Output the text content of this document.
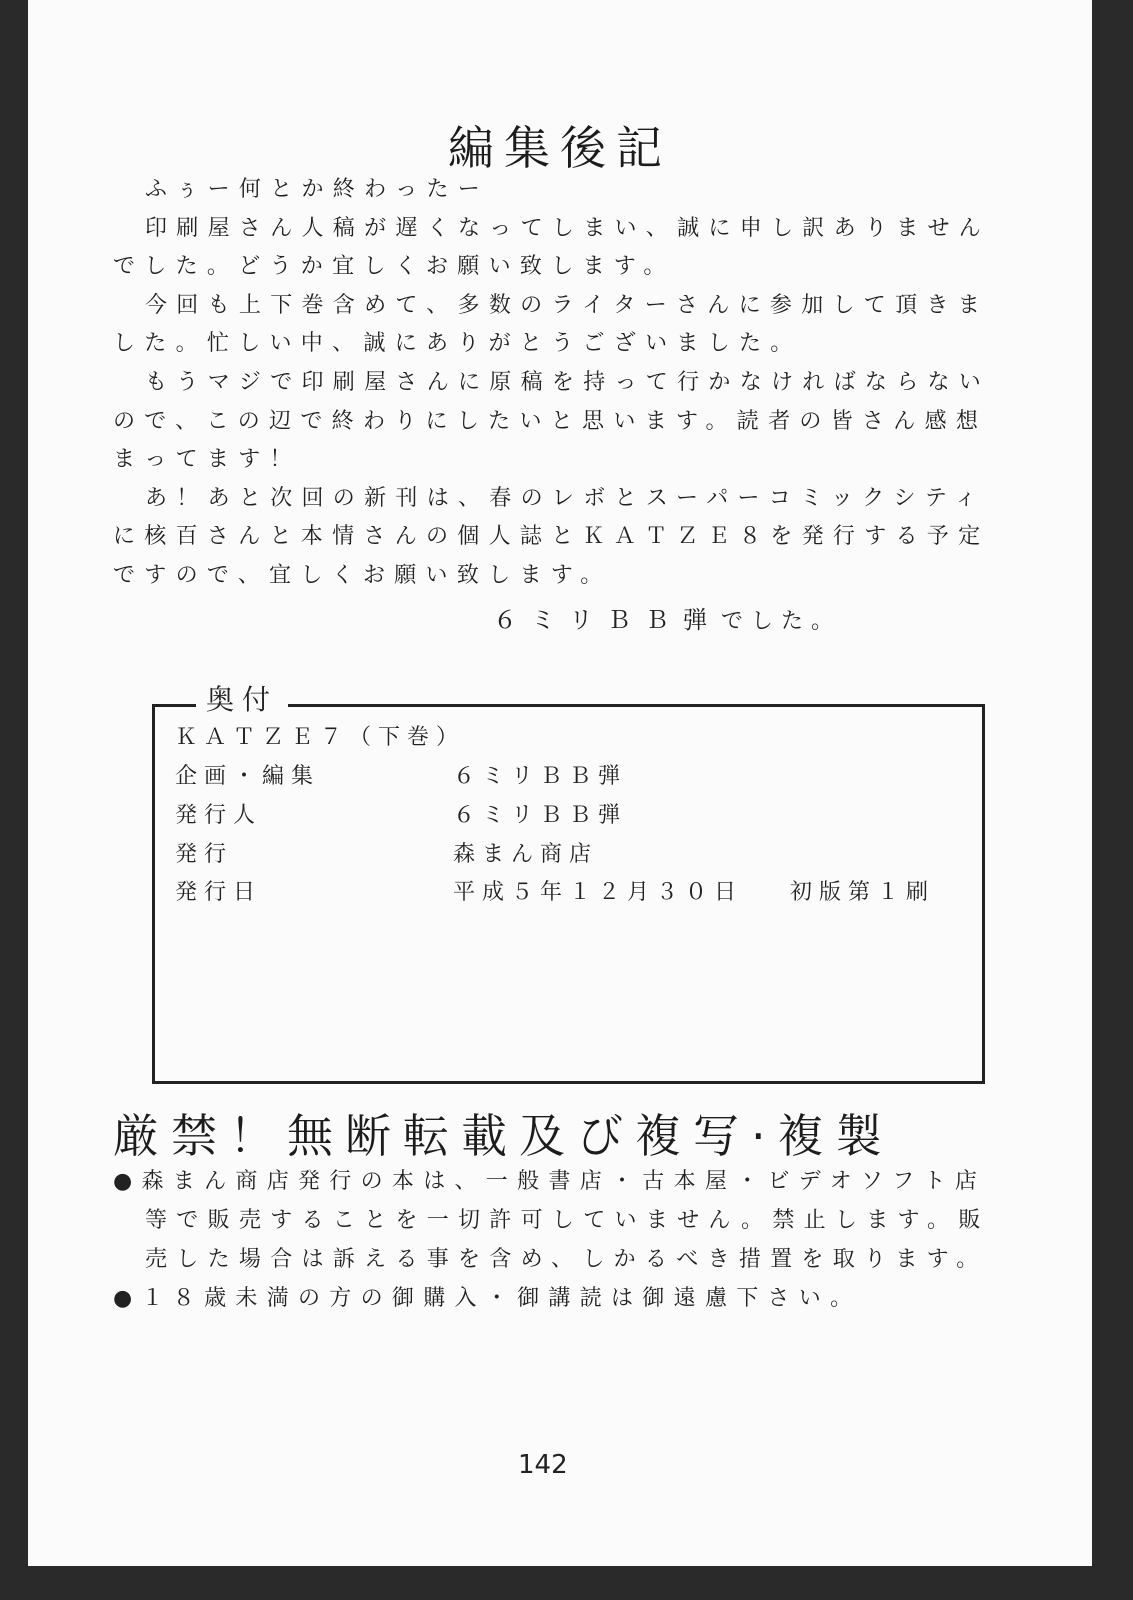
編集後記
ふぅー何とか終わったー
印刷屋さん人稿が遅くなってしまい、誠に申し訳ありません
でした。どうか宜しくお願い致します。
今回も上下巻含めて、多数のライターさんに参加して頂きま
した。忙しい中、誠にありがとうございました。
もうマジで印刷屋さんに原稿を持って行かなければならない
ので、この辺で終わりにしたいと思います。読者の皆さん感想
まってます！
あ！あと次回の新刊は、春のレボとスーパーコミックシティ
に核百さんと本情さんの個人誌とＫＡＴＺＥ８を発行する予定
ですので、宜しくお願い致します。
６ミリＢＢ弾でした。
奥付
ＫＡＴＺＥ７（下巻）
企画・編集	６ミリＢＢ弾
発行人	６ミリＢＢ弾
発行	森まん商店
発行日	平成５年１２月３０日 初版第１刷
厳禁！無断転載及び複写·複製
●森まん商店発行の本は、一般書店・古本屋・ビデオソフト店
等で販売することを一切許可していません。禁止します。販
売した場合は訴える事を含め、しかるべき措置を取ります。
●１８歳未満の方の御購入・御講読は御遠慮下さい。
142
